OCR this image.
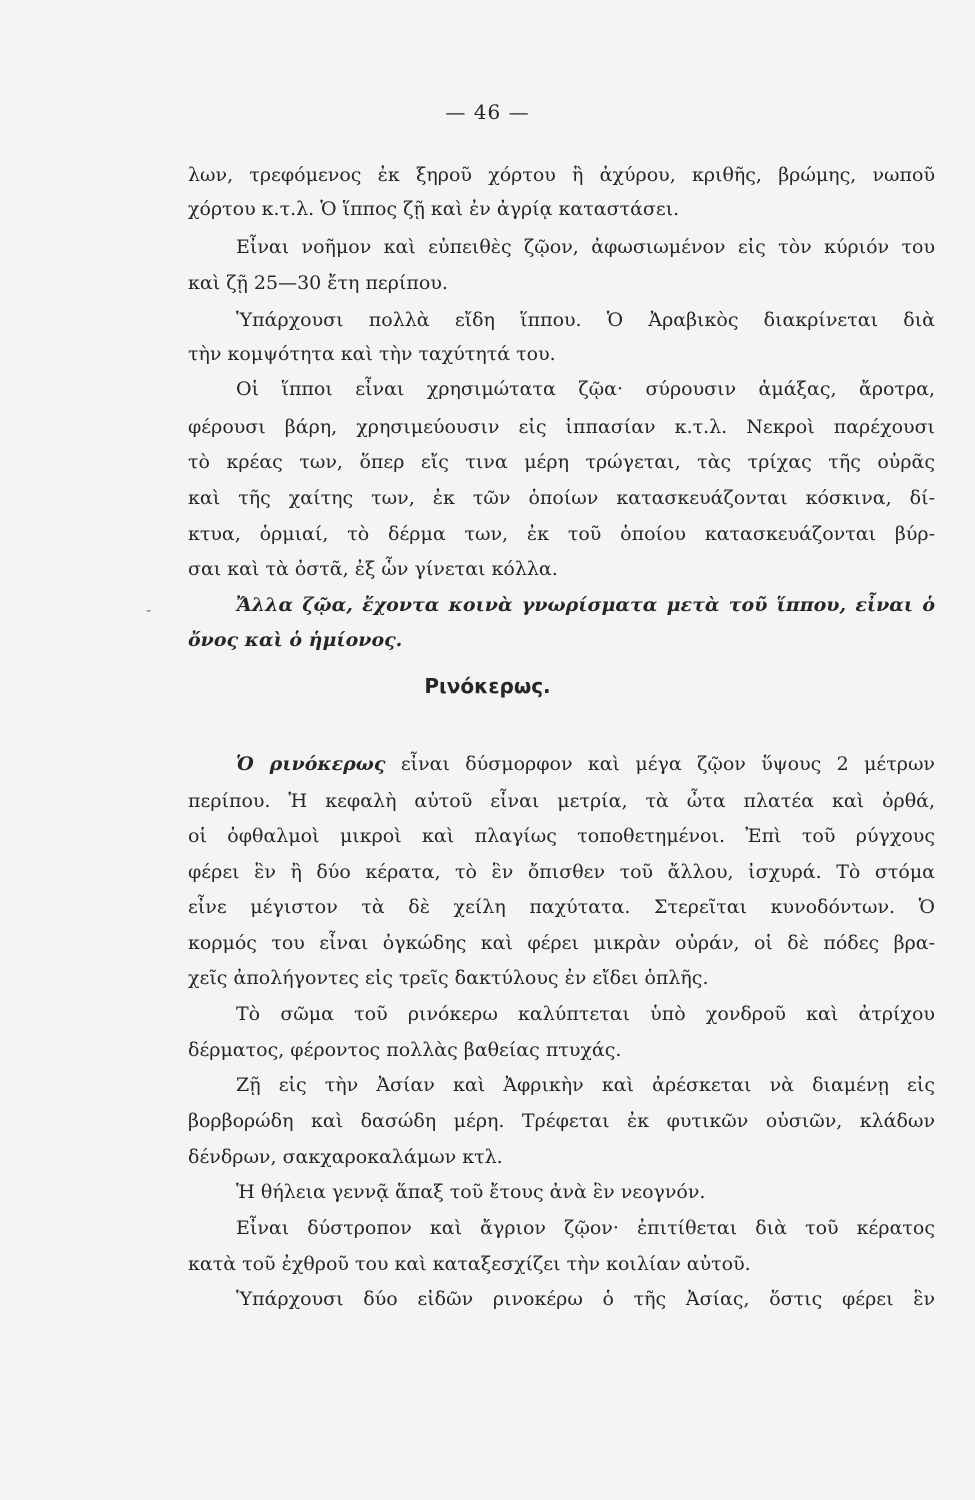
— 46 —
λων, τρεφόμενος ἐκ ξηροῦ χόρτου ἢ ἀχύρου, κριθῆς, βρώμης, νωποῦ
χόρτου κ.τ.λ. Ὁ ἵππος ζῇ καὶ ἐν ἀγρίᾳ καταστάσει.
Εἶναι νοῆμον καὶ εὐπειθὲς ζῷον, ἀφωσιωμένον εἰς τὸν κύριόν του
καὶ ζῇ 25—30 ἔτη περίπου.
Ὑπάρχουσι πολλὰ εἴδη ἵππου. Ὁ Ἀραβικὸς διακρίνεται διὰ
τὴν κομψότητα καὶ τὴν ταχύτητά του.
Οἱ ἵπποι εἶναι χρησιμώτατα ζῷα· σύρουσιν ἁμάξας, ἄροτρα,
φέρουσι βάρη, χρησιμεύουσιν εἰς ἱππασίαν κ.τ.λ. Νεκροὶ παρέχουσι
τὸ κρέας των, ὅπερ εἴς τινα μέρη τρώγεται, τὰς τρίχας τῆς οὐρᾶς
καὶ τῆς χαίτης των, ἐκ τῶν ὁποίων κατασκευάζονται κόσκινα, δί-
κτυα, ὁρμιαί, τὸ δέρμα των, ἐκ τοῦ ὁποίου κατασκευάζονται βύρ-
σαι καὶ τὰ ὀστᾶ, ἐξ ὧν γίνεται κόλλα.
-	Ἄλλα ζῷα, ἔχοντα κοινὰ γνωρίσματα μετὰ τοῦ ἵππου, εἶναι ὁ
ὄνος καὶ ὁ ἡμίονος.
Ρινόκερως.
Ὁ ρινόκερως εἶναι δύσμορφον καὶ μέγα ζῷον ὕψους 2 μέτρων
περίπου. Ἡ κεφαλὴ αὐτοῦ εἶναι μετρία, τὰ ὦτα πλατέα καὶ ὀρθά,
οἱ ὀφθαλμοὶ μικροὶ καὶ πλαγίως τοποθετημένοι. Ἐπὶ τοῦ ρύγχους
φέρει ἓν ἢ δύο κέρατα, τὸ ἓν ὄπισθεν τοῦ ἄλλου, ἰσχυρά. Τὸ στόμα
εἶνε μέγιστον τὰ δὲ χείλη παχύτατα. Στερεῖται κυνοδόντων. Ὁ
κορμός του εἶναι ὀγκώδης καὶ φέρει μικρὰν οὐράν, οἱ δὲ πόδες βρα-
χεῖς ἀπολήγοντες εἰς τρεῖς δακτύλους ἐν εἴδει ὁπλῆς.
Τὸ σῶμα τοῦ ρινόκερω καλύπτεται ὑπὸ χονδροῦ καὶ ἀτρίχου
δέρματος, φέροντος πολλὰς βαθείας πτυχάς.
Ζῇ εἰς τὴν Ἀσίαν καὶ Ἀφρικὴν καὶ ἀρέσκεται νὰ διαμένῃ εἰς
βορβορώδη καὶ δασώδη μέρη. Τρέφεται ἐκ φυτικῶν οὐσιῶν, κλάδων
δένδρων, σακχαροκαλάμων κτλ.
Ἡ θήλεια γεννᾷ ἅπαξ τοῦ ἔτους ἀνὰ ἓν νεογνόν.
Εἶναι δύστροπον καὶ ἄγριον ζῷον· ἐπιτίθεται διὰ τοῦ κέρατος
κατὰ τοῦ ἐχθροῦ του καὶ καταξεσχίζει τὴν κοιλίαν αὐτοῦ.
Ὑπάρχουσι δύο εἰδῶν ρινοκέρω ὁ τῆς Ἀσίας, ὅστις φέρει ἓν
